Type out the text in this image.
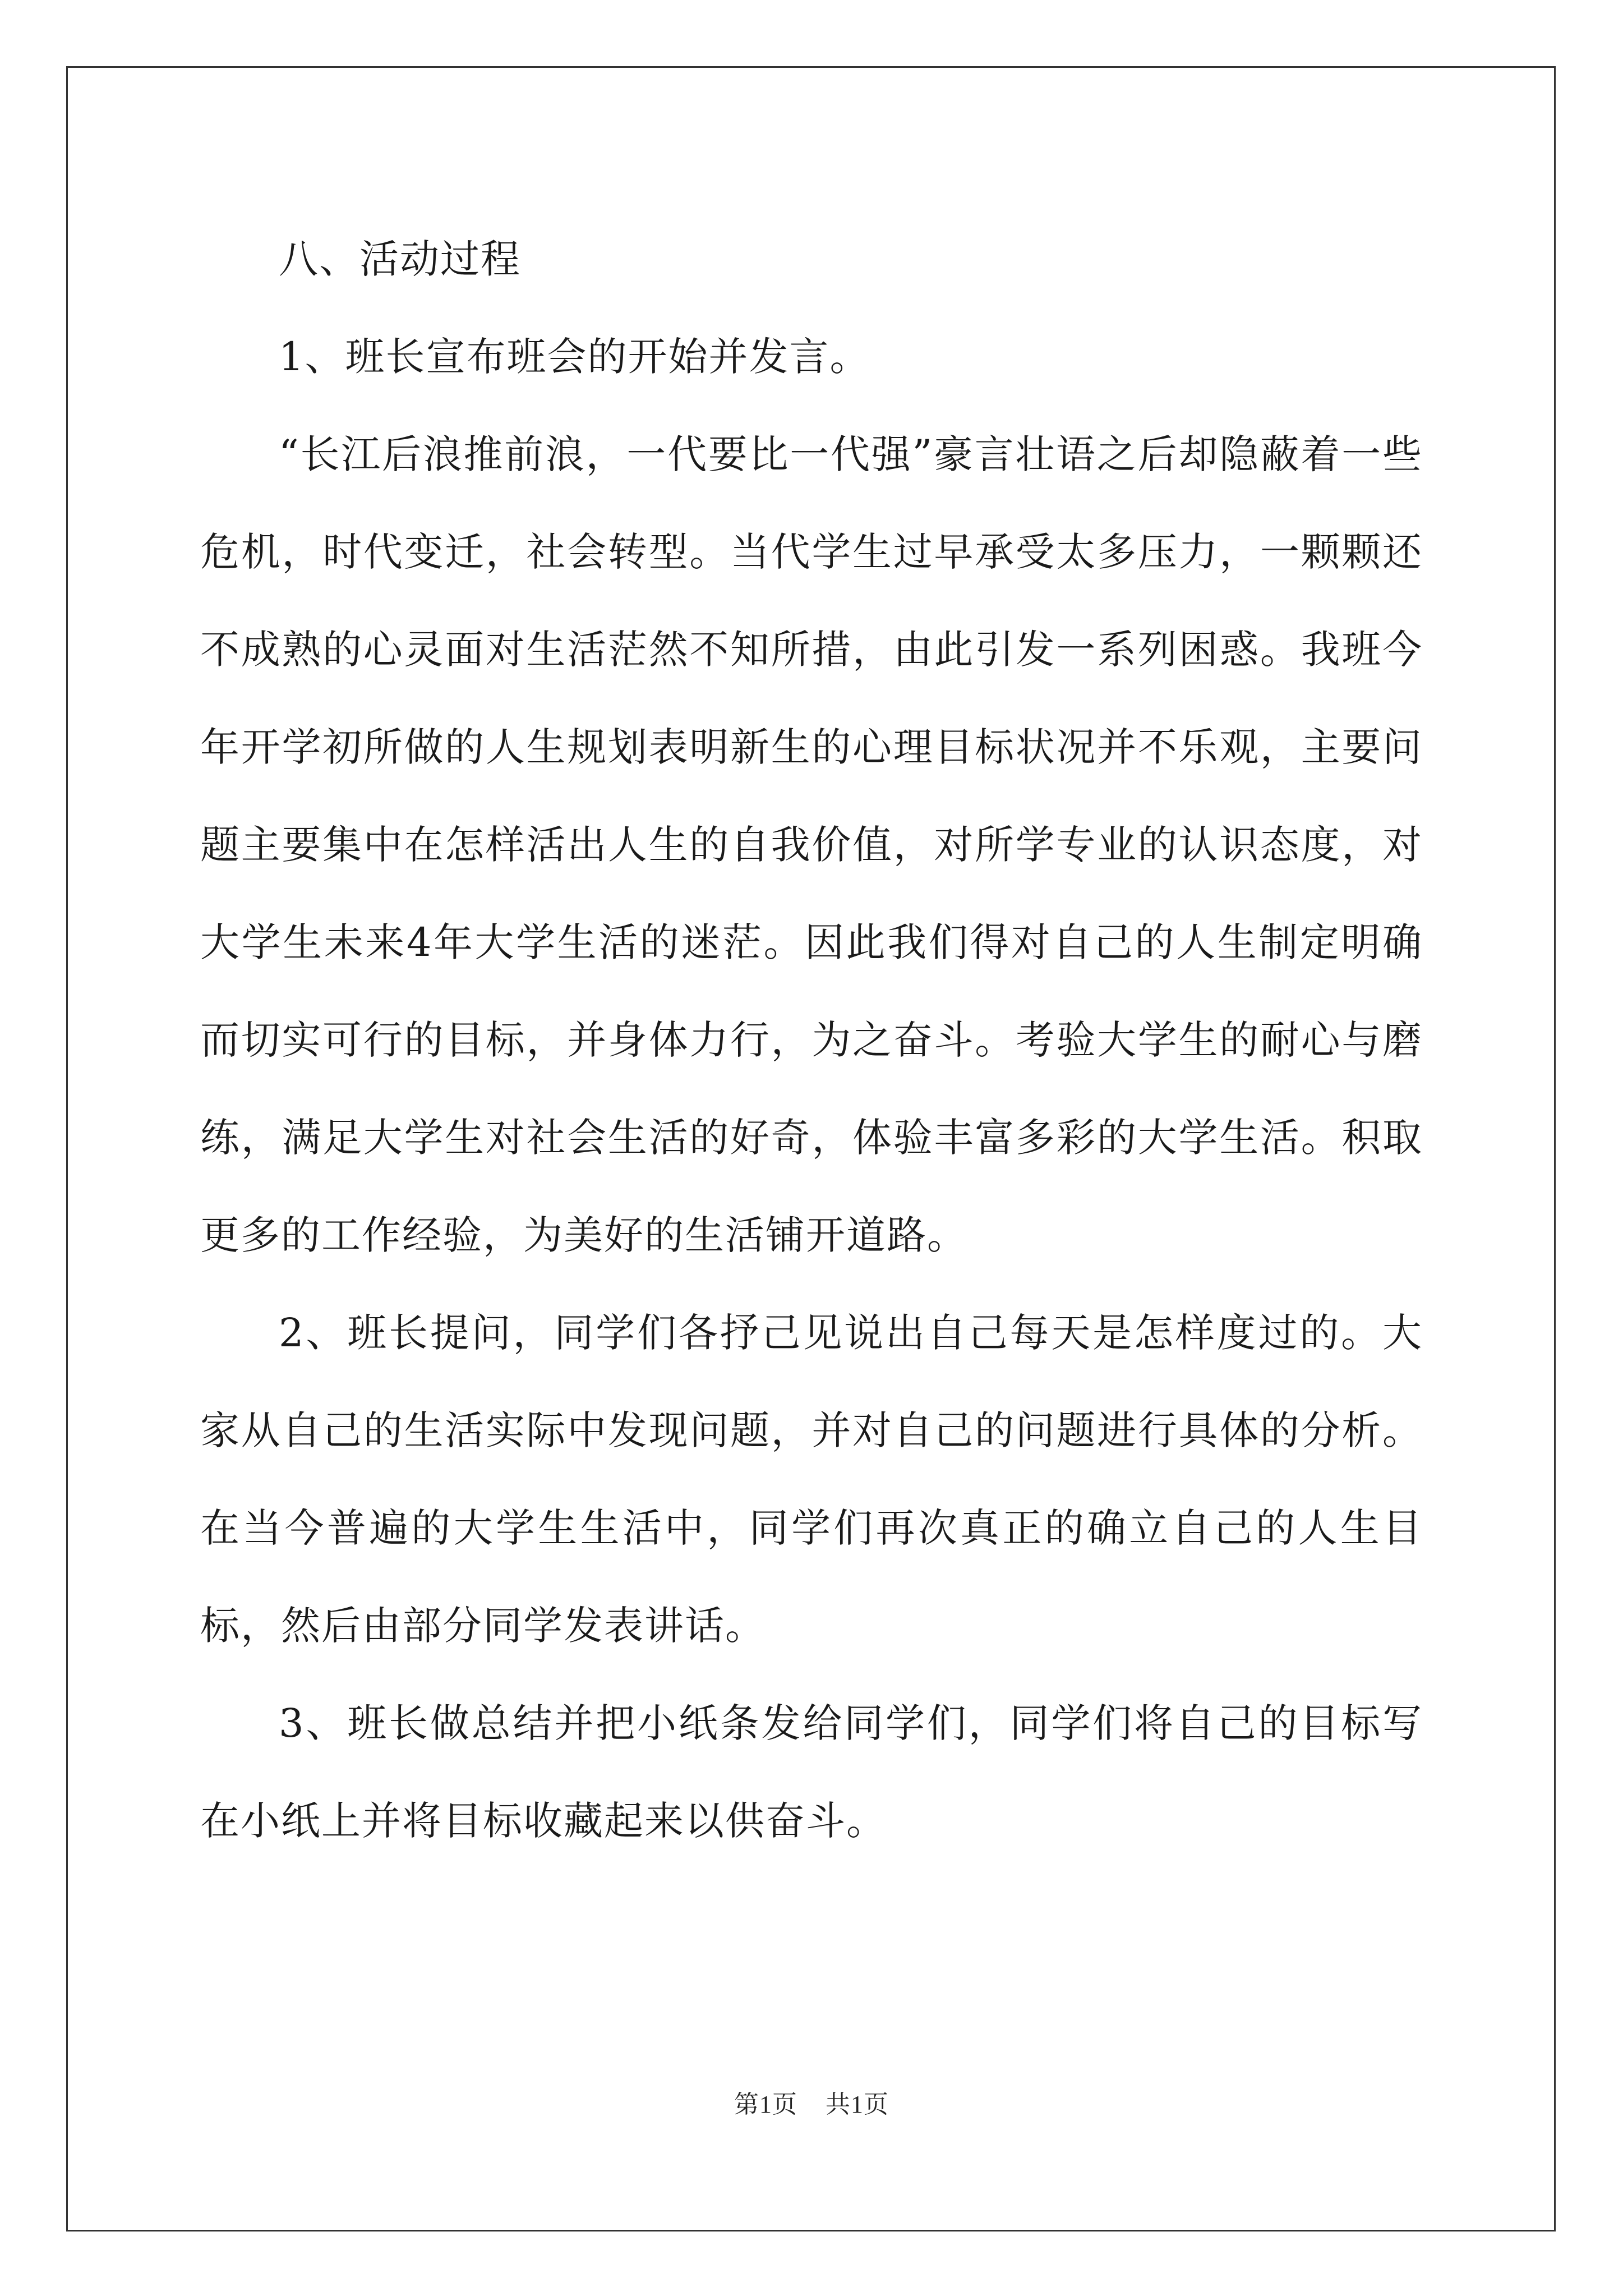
八、活动过程

1、班长宣布班会的开始并发言。

“长江后浪推前浪，一代要比一代强”豪言壮语之后却隐蔽着一些危机，时代变迁，社会转型。当代学生过早承受太多压力，一颗颗还不成熟的心灵面对生活茫然不知所措，由此引发一系列困惑。我班今年开学初所做的人生规划表明新生的心理目标状况并不乐观，主要问题主要集中在怎样活出人生的自我价值，对所学专业的认识态度，对大学生未来4年大学生活的迷茫。因此我们得对自己的人生制定明确而切实可行的目标，并身体力行，为之奋斗。考验大学生的耐心与磨练，满足大学生对社会生活的好奇，体验丰富多彩的大学生活。积取更多的工作经验，为美好的生活铺开道路。

2、班长提问，同学们各抒己见说出自己每天是怎样度过的。大家从自己的生活实际中发现问题，并对自己的问题进行具体的分析。在当今普遍的大学生生活中，同学们再次真正的确立自己的人生目标，然后由部分同学发表讲话。

3、班长做总结并把小纸条发给同学们，同学们将自己的目标写在小纸上并将目标收藏起来以供奋斗。

第1页 共1页
